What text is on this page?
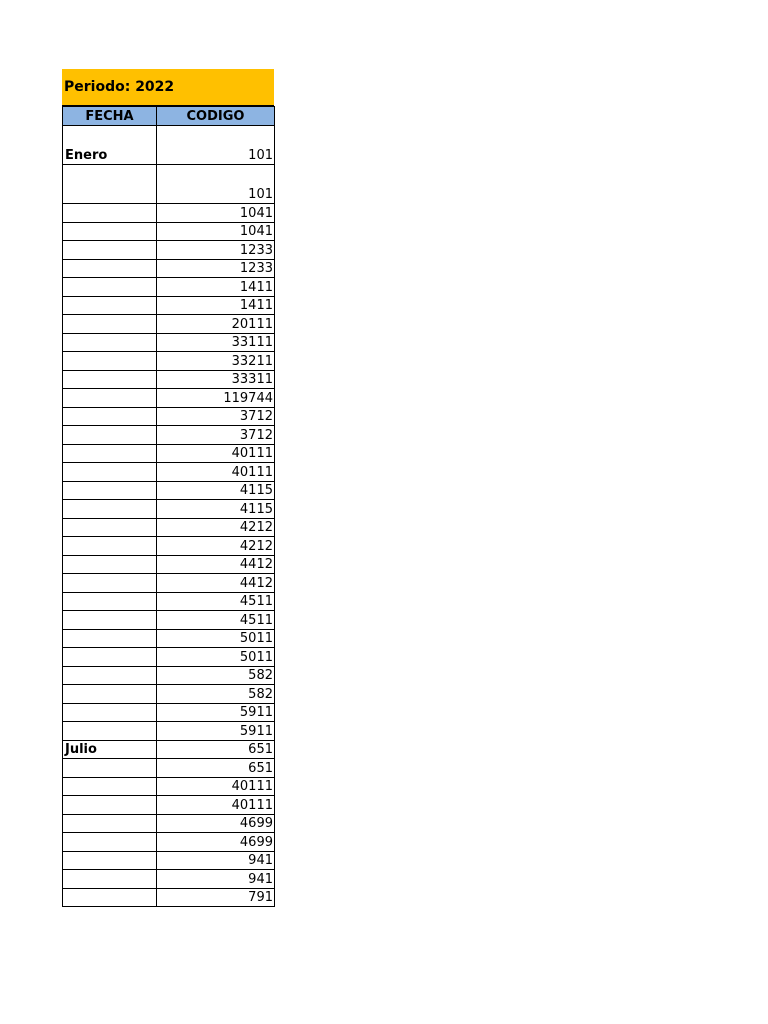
Periodo: 2022
FECHA	CODIGO
Enero	101
	101
	1041
	1041
	1233
	1233
	1411
	1411
	20111
	33111
	33211
	33311
	119744
	3712
	3712
	40111
	40111
	4115
	4115
	4212
	4212
	4412
	4412
	4511
	4511
	5011
	5011
	582
	582
	5911
	5911
Julio	651
	651
	40111
	40111
	4699
	4699
	941
	941
	791
